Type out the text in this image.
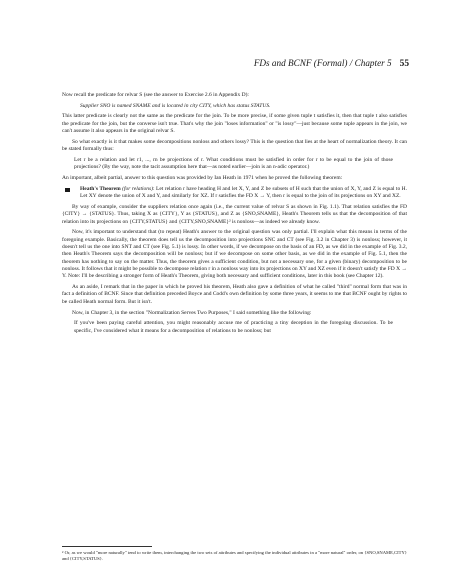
FDs and BCNF (Formal) / Chapter 5 55

Now recall the predicate for relvar S (see the answer to Exercise 2.6 in Appendix D):

Supplier SNO is named SNAME and is located in city CITY, which has status STATUS.

This latter predicate is clearly not the same as the predicate for the join. To be more precise, if some given tuple t satisfies it, then that tuple t also satisfies the predicate for the join, but the converse isn't true. That's why the join "loses information" or "is lossy"—just because some tuple appears in the join, we can't assume it also appears in the original relvar S.

So what exactly is it that makes some decompositions nonloss and others lossy? This is the question that lies at the heart of normalization theory. It can be stated formally thus:

Let r be a relation and let r1, ..., rn be projections of r. What conditions must be satisfied in order for r to be equal to the join of those projections? (By the way, note the tacit assumption here that—as noted earlier—join is an n-adic operator.)

An important, albeit partial, answer to this question was provided by Ian Heath in 1971 when he proved the following theorem:

Heath's Theorem (for relations): Let relation r have heading H and let X, Y, and Z be subsets of H such that the union of X, Y, and Z is equal to H. Let XY denote the union of X and Y, and similarly for XZ. If r satisfies the FD X → Y, then r is equal to the join of its projections on XY and XZ.

By way of example, consider the suppliers relation once again (i.e., the current value of relvar S as shown in Fig. 1.1). That relation satisfies the FD {CITY} → {STATUS}. Thus, taking X as {CITY}, Y as {STATUS}, and Z as {SNO,SNAME}, Heath's Theorem tells us that the decomposition of that relation into its projections on {CITY,STATUS} and {CITY,SNO,SNAME}² is nonloss—as indeed we already know.

Now, it's important to understand that (to repeat) Heath's answer to the original question was only partial. I'll explain what this means in terms of the foregoing example. Basically, the theorem does tell us the decomposition into projections SNC and CT (see Fig. 3.2 in Chapter 3) is nonloss; however, it doesn't tell us the one into SNT and CT (see Fig. 5.1) is lossy. In other words, if we decompose on the basis of an FD, as we did in the example of Fig. 3.2, then Heath's Theorem says the decomposition will be nonloss; but if we decompose on some other basis, as we did in the example of Fig. 5.1, then the theorem has nothing to say on the matter. Thus, the theorem gives a sufficient condition, but not a necessary one, for a given (binary) decomposition to be nonloss. It follows that it might be possible to decompose relation r in a nonloss way into its projections on XY and XZ even if it doesn't satisfy the FD X → Y. Note: I'll be describing a stronger form of Heath's Theorem, giving both necessary and sufficient conditions, later in this book (see Chapter 12).

As an aside, I remark that in the paper in which he proved his theorem, Heath also gave a definition of what he called "third" normal form that was in fact a definition of BCNF. Since that definition preceded Boyce and Codd's own definition by some three years, it seems to me that BCNF ought by rights to be called Heath normal form. But it isn't.

Now, in Chapter 3, in the section "Normalization Serves Two Purposes," I said something like the following:

If you've been paying careful attention, you might reasonably accuse me of practicing a tiny deception in the foregoing discussion. To be specific, I've considered what it means for a decomposition of relations to be nonloss; but

² Or, as we would "more naturally" tend to write them, interchanging the two sets of attributes and specifying the individual attributes in a "more natural" order, on {SNO,SNAME,CITY} and {CITY,STATUS}.
